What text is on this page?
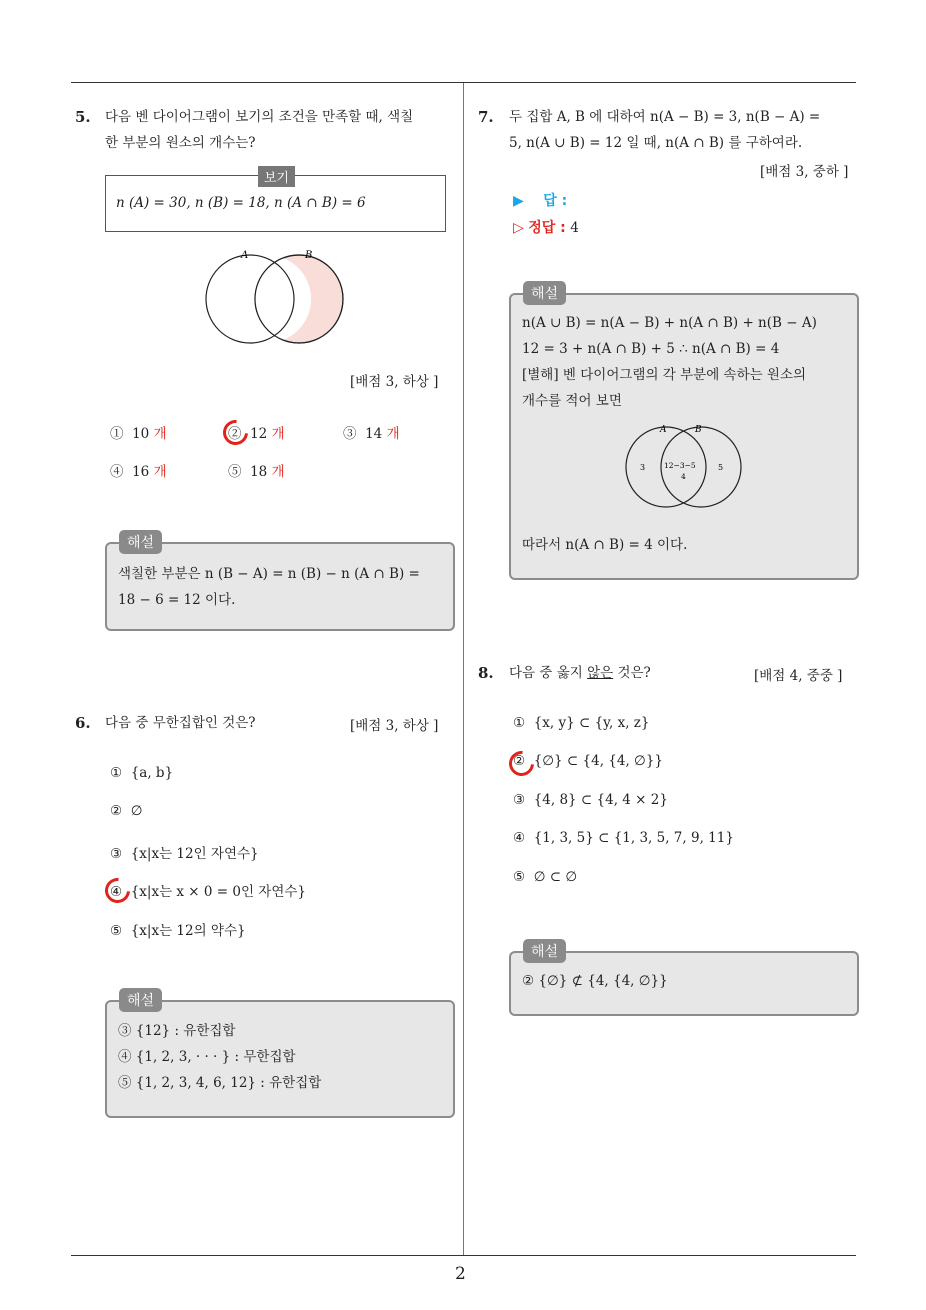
2
5. 다음 벤 다이어그램이 보기의 조건을 만족할 때, 색칠
한 부분의 원소의 개수는?
보기
n (A) = 30, n (B) = 18, n (A ∩ B) = 6
A	B
[배점 3, 하상 ]
① 10 개	② 12 개	③ 14 개
④ 16 개	⑤ 18 개
해설
색칠한 부분은 n (B − A) = n (B) − n (A ∩ B) =
18 − 6 = 12 이다.
6. 다음 중 무한집합인 것은?	[배점 3, 하상 ]
① {a, b}
② ∅
③ {x|x는 12인 자연수}
④ {x|x는 x × 0 = 0인 자연수}
⑤ {x|x는 12의 약수}
해설
③ {12} : 유한집합
④ {1, 2, 3, · · · } : 무한집합
⑤ {1, 2, 3, 4, 6, 12} : 유한집합
7. 두 집합 A, B 에 대하여 n(A − B) = 3, n(B − A) =
5, n(A ∪ B) = 12 일 때, n(A ∩ B) 를 구하여라.
[배점 3, 중하 ]
▶ 답 :
▷ 정답 : 4
해설
n(A ∪ B) = n(A − B) + n(A ∩ B) + n(B − A)
12 = 3 + n(A ∩ B) + 5 ∴ n(A ∩ B) = 4
[별해] 벤 다이어그램의 각 부분에 속하는 원소의
개수를 적어 보면
A	B
3	12−3−5
4
5
따라서 n(A ∩ B) = 4 이다.
8. 다음 중 옳지 않은 것은?	[배점 4, 중중 ]
① {x, y} ⊂ {y, x, z}
② {∅} ⊂ {4, {4, ∅}}
③ {4, 8} ⊂ {4, 4 × 2}
④ {1, 3, 5} ⊂ {1, 3, 5, 7, 9, 11}
⑤ ∅ ⊂ ∅
해설
② {∅} ⊄ {4, {4, ∅}}
